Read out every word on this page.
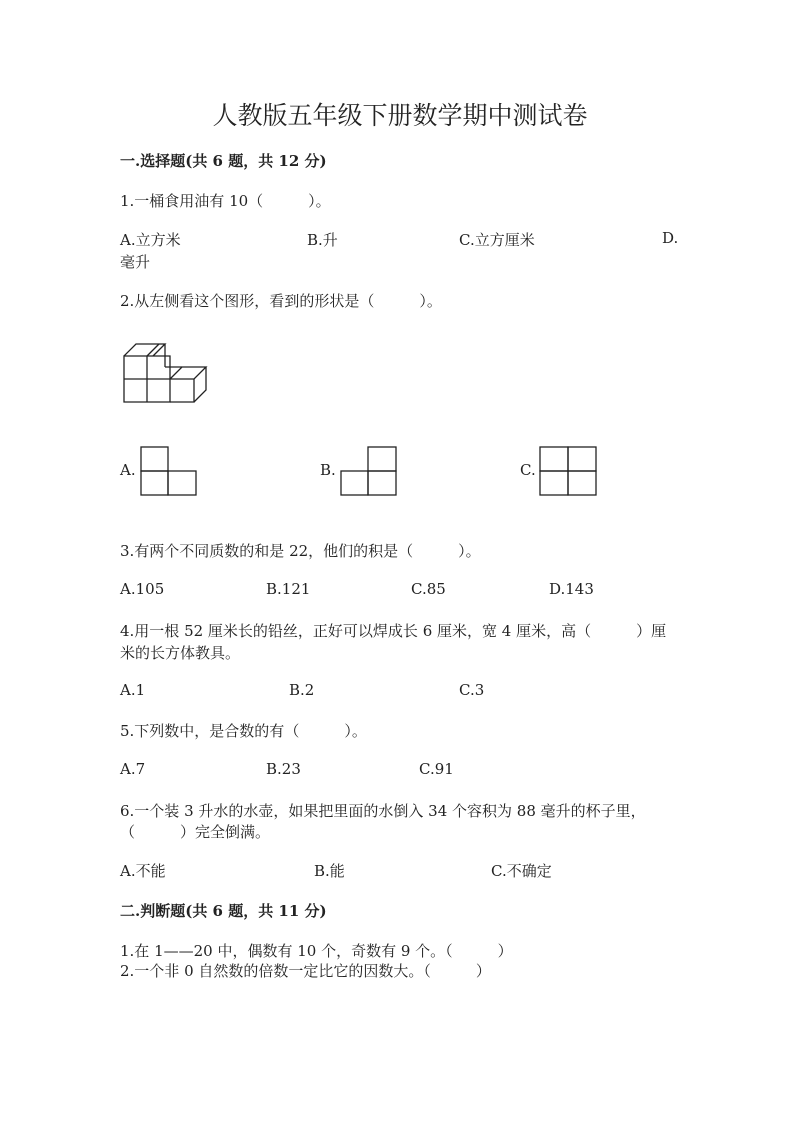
人教版五年级下册数学期中测试卷
一.选择题(共 6 题，共 12 分)
1.一桶食用油有 10（　　　）。
A.立方米	B.升	C.立方厘米	D.
毫升
2.从左侧看这个图形，看到的形状是（　　　）。
A.	B.	C.
3.有两个不同质数的和是 22，他们的积是（　　　）。
A.105	B.121	C.85	D.143
4.用一根 52 厘米长的铅丝，正好可以焊成长 6 厘米，宽 4 厘米，高（　　　）厘
米的长方体教具。
A.1	B.2	C.3
5.下列数中，是合数的有（　　　）。
A.7	B.23	C.91
6.一个装 3 升水的水壶，如果把里面的水倒入 34 个容积为 88 毫升的杯子里，
（　　　）完全倒满。
A.不能	B.能	C.不确定
二.判断题(共 6 题，共 11 分)
1.在 1——20 中，偶数有 10 个，奇数有 9 个。（　　　）
2.一个非 0 自然数的倍数一定比它的因数大。（　　　）
